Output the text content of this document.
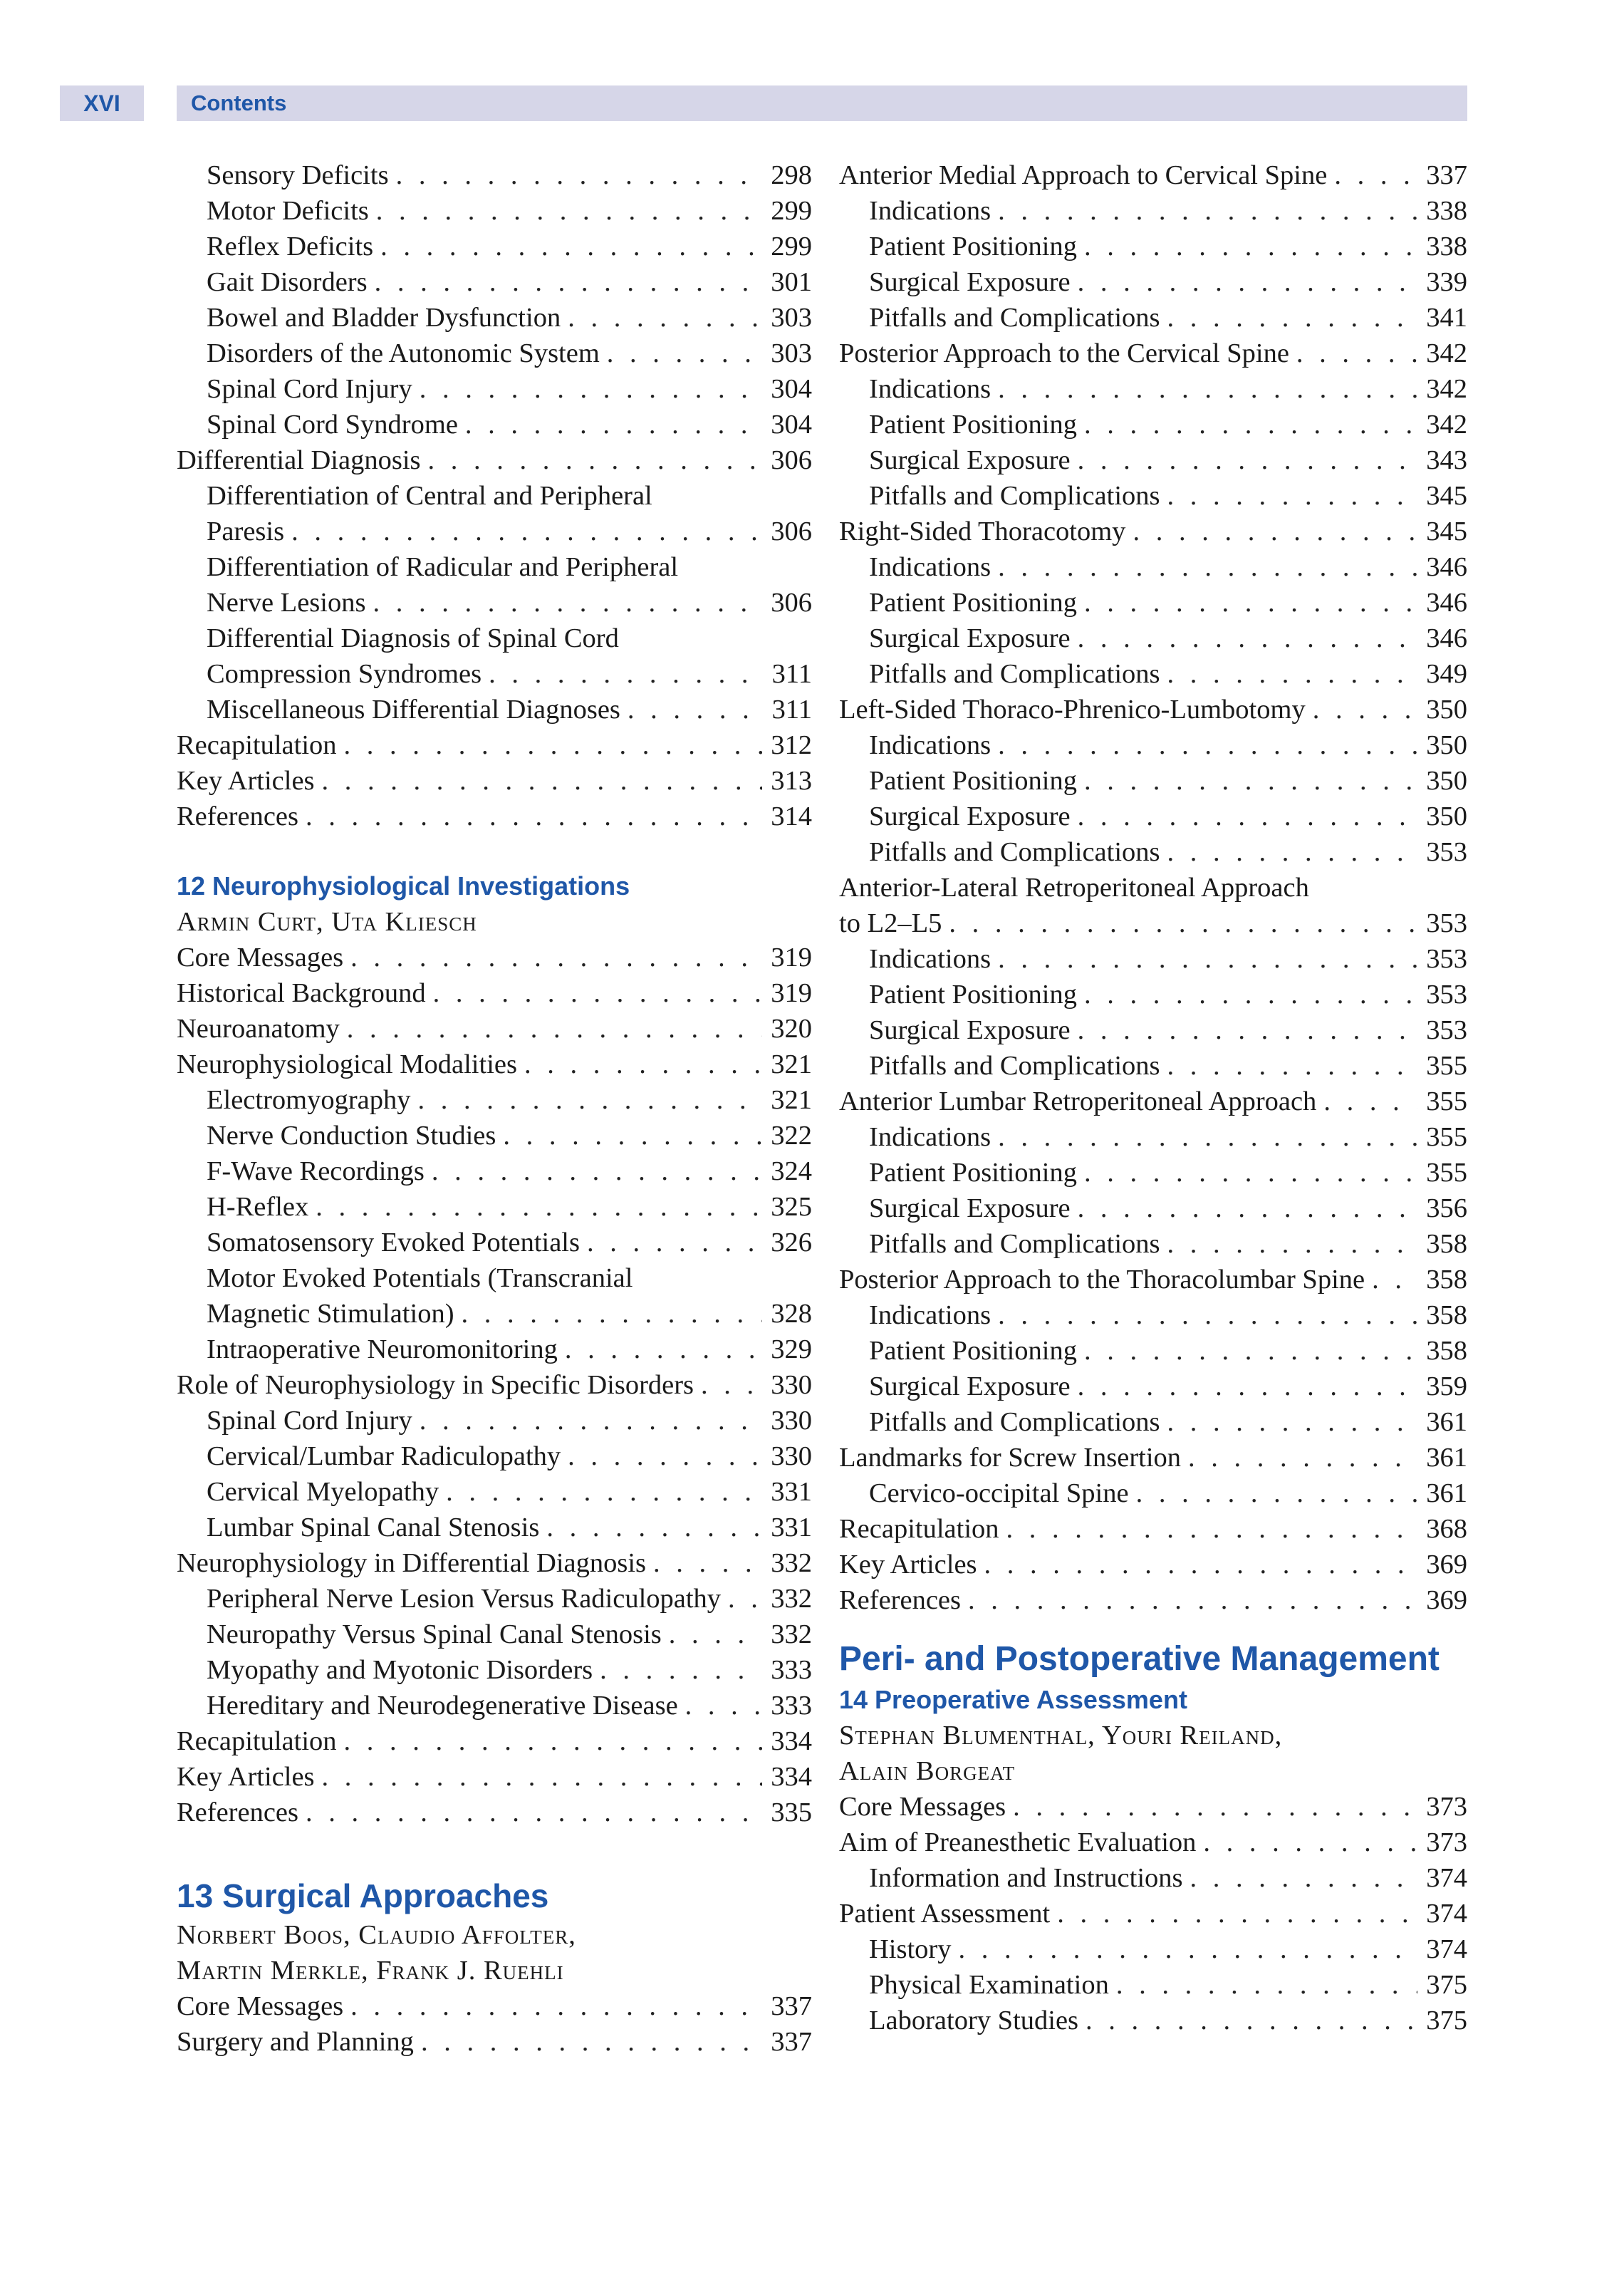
XVI	Contents
Sensory Deficits . . .	298
Motor Deficits . . .	299
Reflex Deficits . . .	299
Gait Disorders . . .	301
Bowel and Bladder Dysfunction . . .	303
Disorders of the Autonomic System . . .	303
Spinal Cord Injury . . .	304
Spinal Cord Syndrome . . .	304
Differential Diagnosis . . .	306
Differentiation of Central and Peripheral
Paresis . . .	306
Differentiation of Radicular and Peripheral
Nerve Lesions . . .	306
Differential Diagnosis of Spinal Cord
Compression Syndromes . . .	311
Miscellaneous Differential Diagnoses . . .	311
Recapitulation . . .	312
Key Articles . . .	313
References . . .	314
12 Neurophysiological Investigations
Armin Curt, Uta Kliesch
Core Messages . . .	319
Historical Background . . .	319
Neuroanatomy . . .	320
Neurophysiological Modalities . . .	321
Electromyography . . .	321
Nerve Conduction Studies . . .	322
F-Wave Recordings . . .	324
H-Reflex . . .	325
Somatosensory Evoked Potentials . . .	326
Motor Evoked Potentials (Transcranial
Magnetic Stimulation) . . .	328
Intraoperative Neuromonitoring . . .	329
Role of Neurophysiology in Specific Disorders . . .	330
Spinal Cord Injury . . .	330
Cervical/Lumbar Radiculopathy . . .	330
Cervical Myelopathy . . .	331
Lumbar Spinal Canal Stenosis . . .	331
Neurophysiology in Differential Diagnosis . . .	332
Peripheral Nerve Lesion Versus Radiculopathy . . . 332
Neuropathy Versus Spinal Canal Stenosis . . .	332
Myopathy and Myotonic Disorders . . .	333
Hereditary and Neurodegenerative Disease . . .	333
Recapitulation . . .	334
Key Articles . . .	334
References . . .	335
13 Surgical Approaches
Norbert Boos, Claudio Affolter,
Martin Merkle, Frank J. Ruehli
Core Messages . . .	337
Surgery and Planning . . .	337
Anterior Medial Approach to Cervical Spine . . .	337
Indications . . .	338
Patient Positioning . . .	338
Surgical Exposure . . .	339
Pitfalls and Complications . . .	341
Posterior Approach to the Cervical Spine . . .	342
Indications . . .	342
Patient Positioning . . .	342
Surgical Exposure . . .	343
Pitfalls and Complications . . .	345
Right-Sided Thoracotomy . . .	345
Indications . . .	346
Patient Positioning . . .	346
Surgical Exposure . . .	346
Pitfalls and Complications . . .	349
Left-Sided Thoraco-Phrenico-Lumbotomy . . .	350
Indications . . .	350
Patient Positioning . . .	350
Surgical Exposure . . .	350
Pitfalls and Complications . . .	353
Anterior-Lateral Retroperitoneal Approach
to L2–L5 . . .	353
Indications . . .	353
Patient Positioning . . .	353
Surgical Exposure . . .	353
Pitfalls and Complications . . .	355
Anterior Lumbar Retroperitoneal Approach . . .	355
Indications . . .	355
Patient Positioning . . .	355
Surgical Exposure . . .	356
Pitfalls and Complications . . .	358
Posterior Approach to the Thoracolumbar Spine . . . 358
Indications . . .	358
Patient Positioning . . .	358
Surgical Exposure . . .	359
Pitfalls and Complications . . .	361
Landmarks for Screw Insertion . . .	361
Cervico-occipital Spine . . .	361
Recapitulation . . .	368
Key Articles . . .	369
References . . .	369
Peri- and Postoperative Management
14 Preoperative Assessment
Stephan Blumenthal, Youri Reiland,
Alain Borgeat
Core Messages . . .	373
Aim of Preanesthetic Evaluation . . .	373
Information and Instructions . . .	374
Patient Assessment . . .	374
History . . .	374
Physical Examination . . .	375
Laboratory Studies . . .	375
